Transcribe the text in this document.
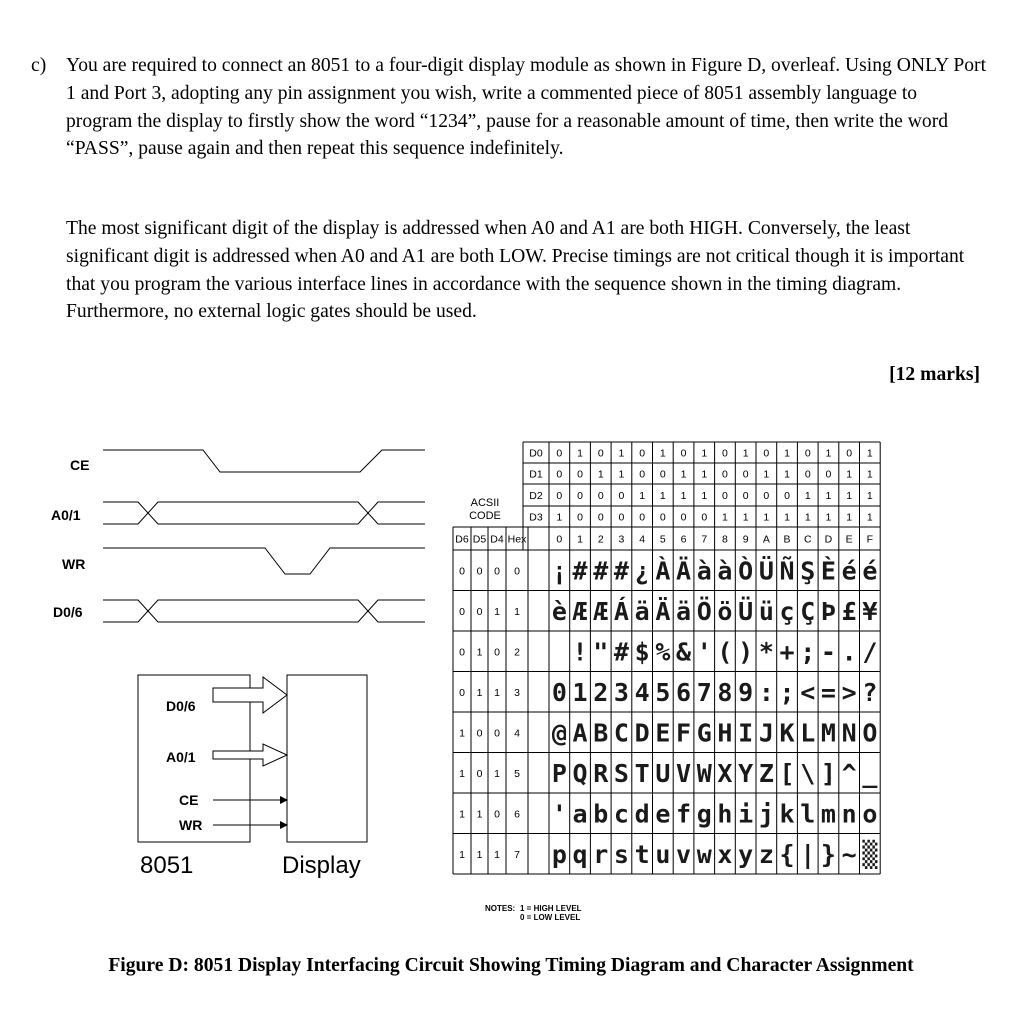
c) You are required to connect an 8051 to a four-digit display module as shown in Figure D, overleaf. Using ONLY Port 1 and Port 3, adopting any pin assignment you wish, write a commented piece of 8051 assembly language to program the display to firstly show the word “1234”, pause for a reasonable amount of time, then write the word “PASS”, pause again and then repeat this sequence indefinitely.

The most significant digit of the display is addressed when A0 and A1 are both HIGH. Conversely, the least significant digit is addressed when A0 and A1 are both LOW. Precise timings are not critical though it is important that you program the various interface lines in accordance with the sequence shown in the timing diagram. Furthermore, no external logic gates should be used.

[12 marks]
CE
A0/1
WR
D0/6
D0/6
A0/1
CE
WR
8051	Display
ACSII
CODE
D0 0 1 0 1 0 1 0 1 0 1 0 1 0 1 0 1
D1 0 0 1 1 0 0 1 1 0 0 1 1 0 0 1 1
D2 0 0 0 0 1 1 1 1 0 0 0 0 1 1 1 1
D3 1 0 0 0 0 0 0 0 1 1 1 1 1 1 1 1
D6 D5 D4 Hex	0 1 2 3 4 5 6 7 8 9 A B C D E F
0 0 0 0 ¡ # # # ¿ À Ä à à Ò Ü Ñ Ş È é é
0 0 1 1 è Æ Æ Á ä Ä ä Ö ö Ü ü ç Ç Þ £ ¥
0 1 0 2 ! " # $ % & ' ( ) * + ; - . /
0 1 1 3 0 1 2 3 4 5 6 7 8 9 : ; < = > ?
1 0 0 4 @ A B C D E F G H I J K L M N O
1 0 1 5 P Q R S T U V W X Y Z [ \ ] ^ _
1 1 0 6 ' a b c d e f g h i j k l m n o
1 1 1 7 p q r s t u v w x y z { | } ~ ▒
NOTES: 1 = HIGH LEVEL
0 = LOW LEVEL
Figure D: 8051 Display Interfacing Circuit Showing Timing Diagram and Character Assignment
